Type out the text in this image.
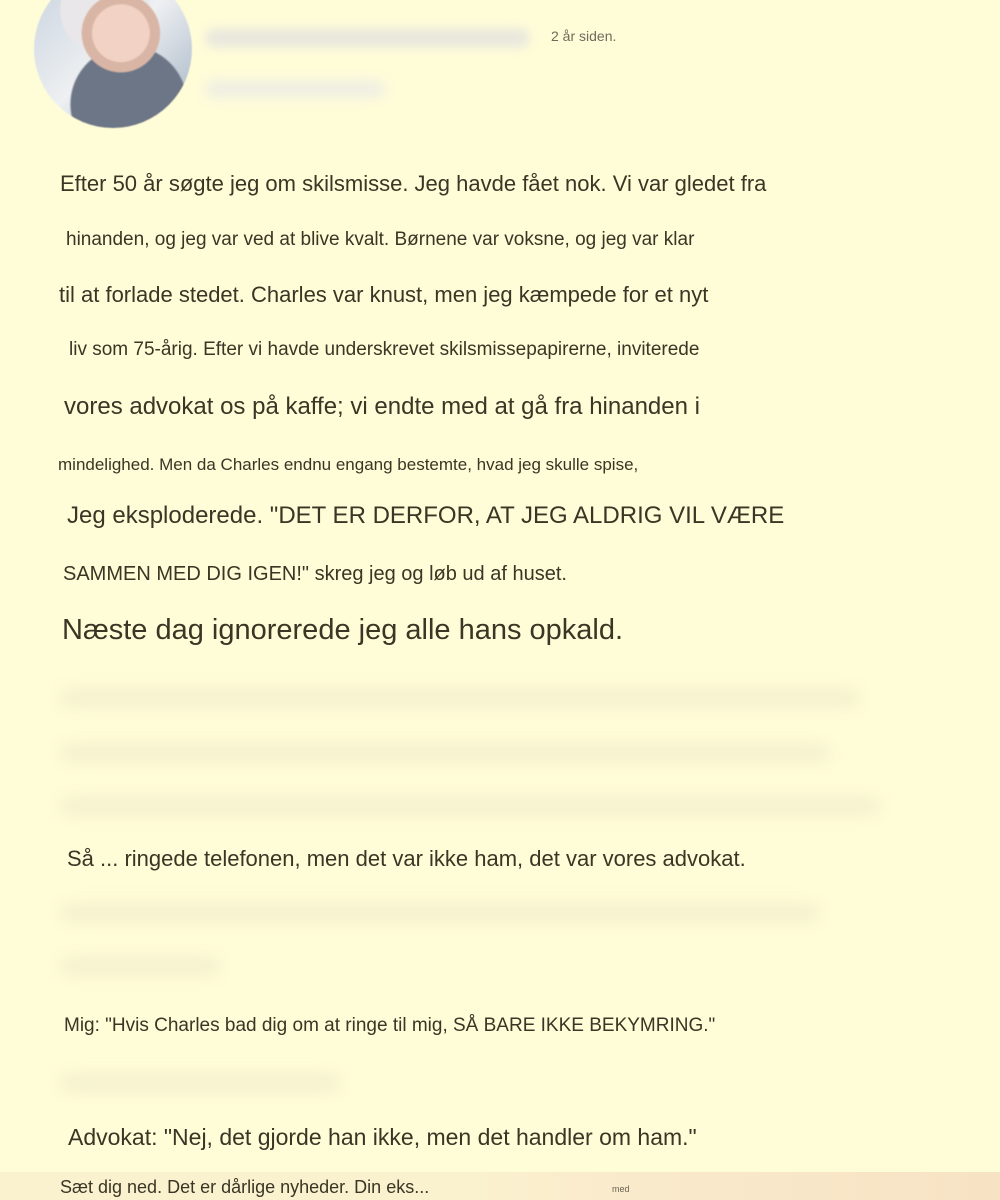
2 år siden.
Efter 50 år søgte jeg om skilsmisse. Jeg havde fået nok. Vi var gledet fra
hinanden, og jeg var ved at blive kvalt. Børnene var voksne, og jeg var klar
til at forlade stedet. Charles var knust, men jeg kæmpede for et nyt
liv som 75-årig. Efter vi havde underskrevet skilsmissepapirerne, inviterede
vores advokat os på kaffe; vi endte med at gå fra hinanden i
mindelighed. Men da Charles endnu engang bestemte, hvad jeg skulle spise,
Jeg eksploderede. "DET ER DERFOR, AT JEG ALDRIG VIL VÆRE
SAMMEN MED DIG IGEN!" skreg jeg og løb ud af huset.
Næste dag ignorerede jeg alle hans opkald.
Så ... ringede telefonen, men det var ikke ham, det var vores advokat.
Mig: "Hvis Charles bad dig om at ringe til mig, SÅ BARE IKKE BEKYMRING."
Advokat: "Nej, det gjorde han ikke, men det handler om ham."
Sæt dig ned. Det er dårlige nyheder. Din eks...	med
